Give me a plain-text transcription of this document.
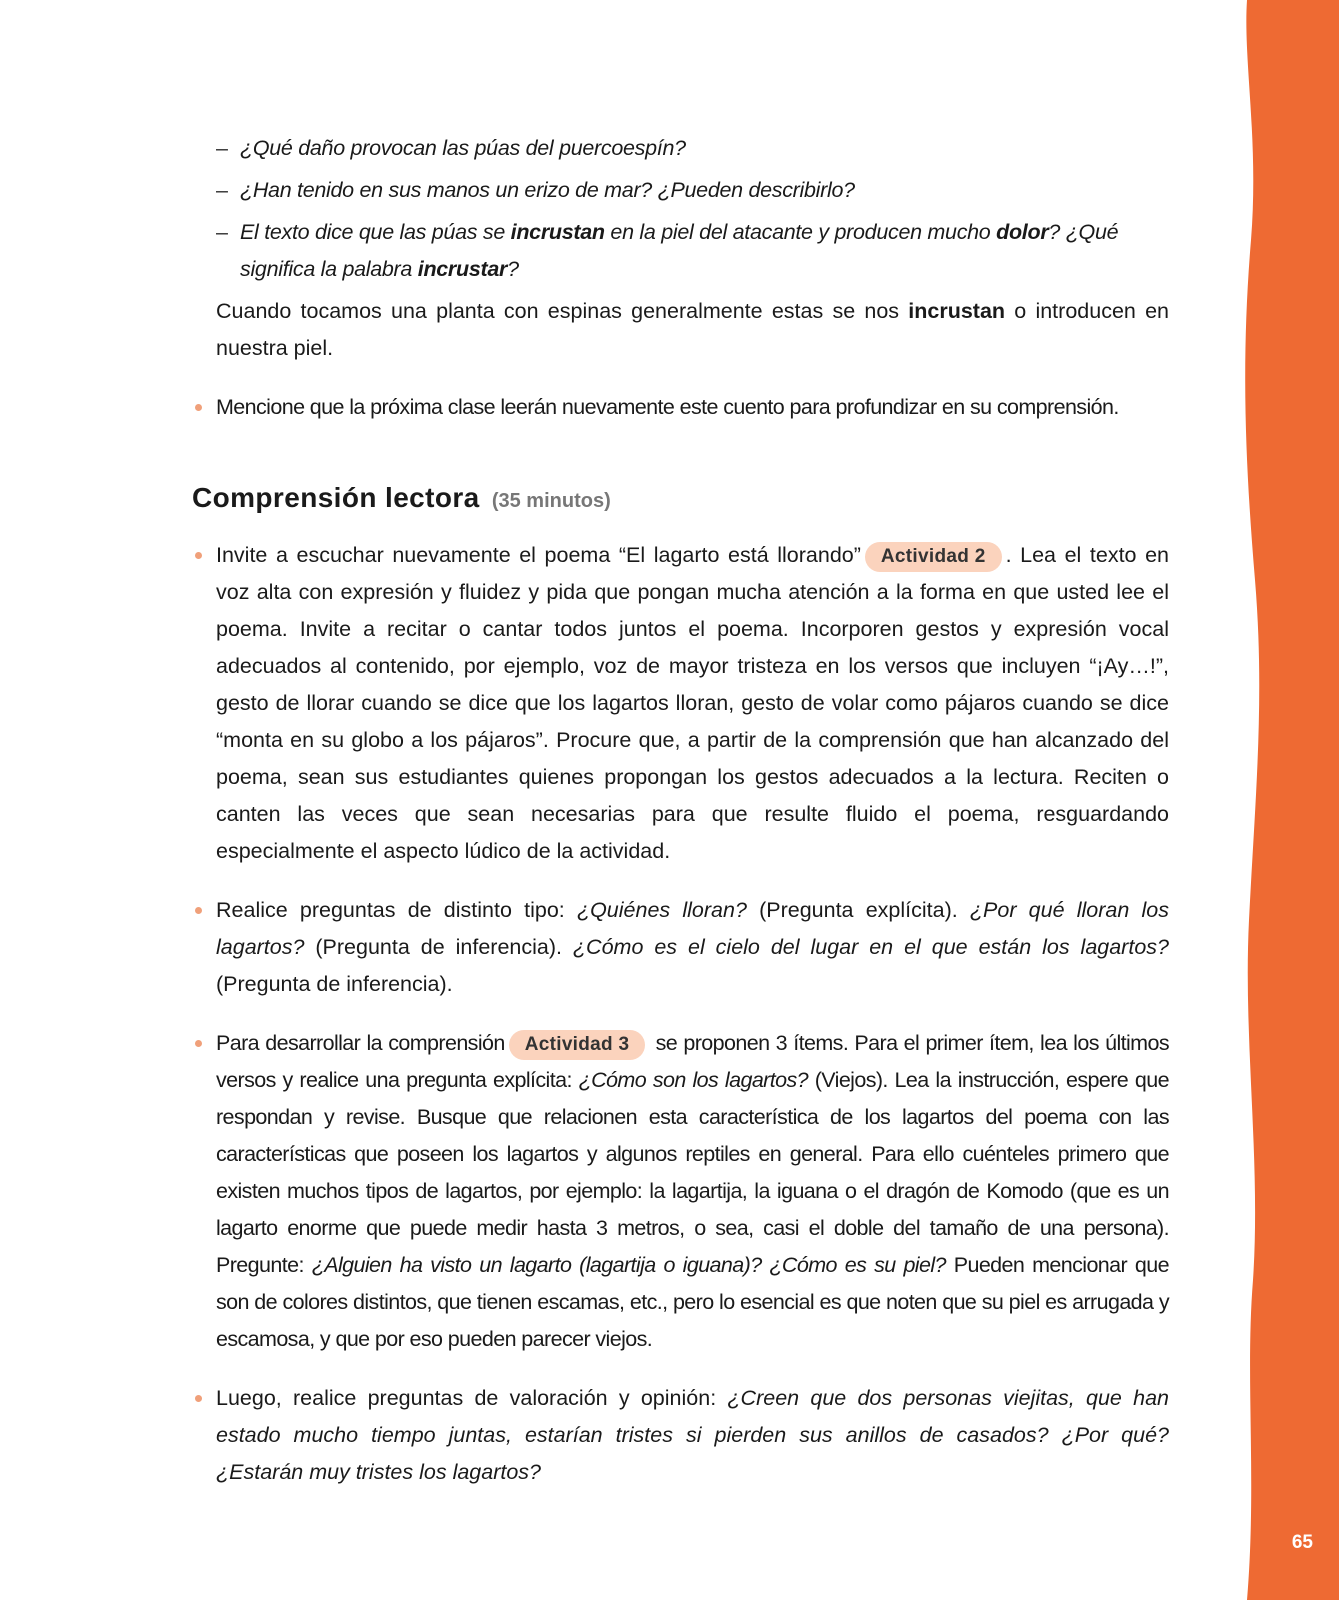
65
– ¿Qué daño provocan las púas del puercoespín?
– ¿Han tenido en sus manos un erizo de mar? ¿Pueden describirlo?
– El texto dice que las púas se incrustan en la piel del atacante y producen mucho dolor? ¿Qué significa la palabra incrustar?

Cuando tocamos una planta con espinas generalmente estas se nos incrustan o introducen en nuestra piel.

Mencione que la próxima clase leerán nuevamente este cuento para profundizar en su comprensión.
Comprensión lectora (35 minutos)
Invite a escuchar nuevamente el poema “El lagarto está llorando” Actividad 2 . Lea el texto en voz alta con expresión y fluidez y pida que pongan mucha atención a la forma en que usted lee el poema. Invite a recitar o cantar todos juntos el poema. Incorporen gestos y expresión vocal adecuados al contenido, por ejemplo, voz de mayor tristeza en los versos que incluyen “¡Ay…!”, gesto de llorar cuando se dice que los lagartos lloran, gesto de volar como pájaros cuando se dice “monta en su globo a los pájaros”. Procure que, a partir de la comprensión que han alcanzado del poema, sean sus estudiantes quienes propongan los gestos adecuados a la lectura. Reciten o canten las veces que sean necesarias para que resulte fluido el poema, resguardando especialmente el aspecto lúdico de la actividad.
Realice preguntas de distinto tipo: ¿Quiénes lloran? (Pregunta explícita). ¿Por qué lloran los lagartos? (Pregunta de inferencia). ¿Cómo es el cielo del lugar en el que están los lagartos? (Pregunta de inferencia).
Para desarrollar la comprensión Actividad 3 se proponen 3 ítems. Para el primer ítem, lea los últimos versos y realice una pregunta explícita: ¿Cómo son los lagartos? (Viejos). Lea la instrucción, espere que respondan y revise. Busque que relacionen esta característica de los lagartos del poema con las características que poseen los lagartos y algunos reptiles en general. Para ello cuénteles primero que existen muchos tipos de lagartos, por ejemplo: la lagartija, la iguana o el dragón de Komodo (que es un lagarto enorme que puede medir hasta 3 metros, o sea, casi el doble del tamaño de una persona). Pregunte: ¿Alguien ha visto un lagarto (lagartija o iguana)? ¿Cómo es su piel? Pueden mencionar que son de colores distintos, que tienen escamas, etc., pero lo esencial es que noten que su piel es arrugada y escamosa, y que por eso pueden parecer viejos.
Luego, realice preguntas de valoración y opinión: ¿Creen que dos personas viejitas, que han estado mucho tiempo juntas, estarían tristes si pierden sus anillos de casados? ¿Por qué? ¿Estarán muy tristes los lagartos?
